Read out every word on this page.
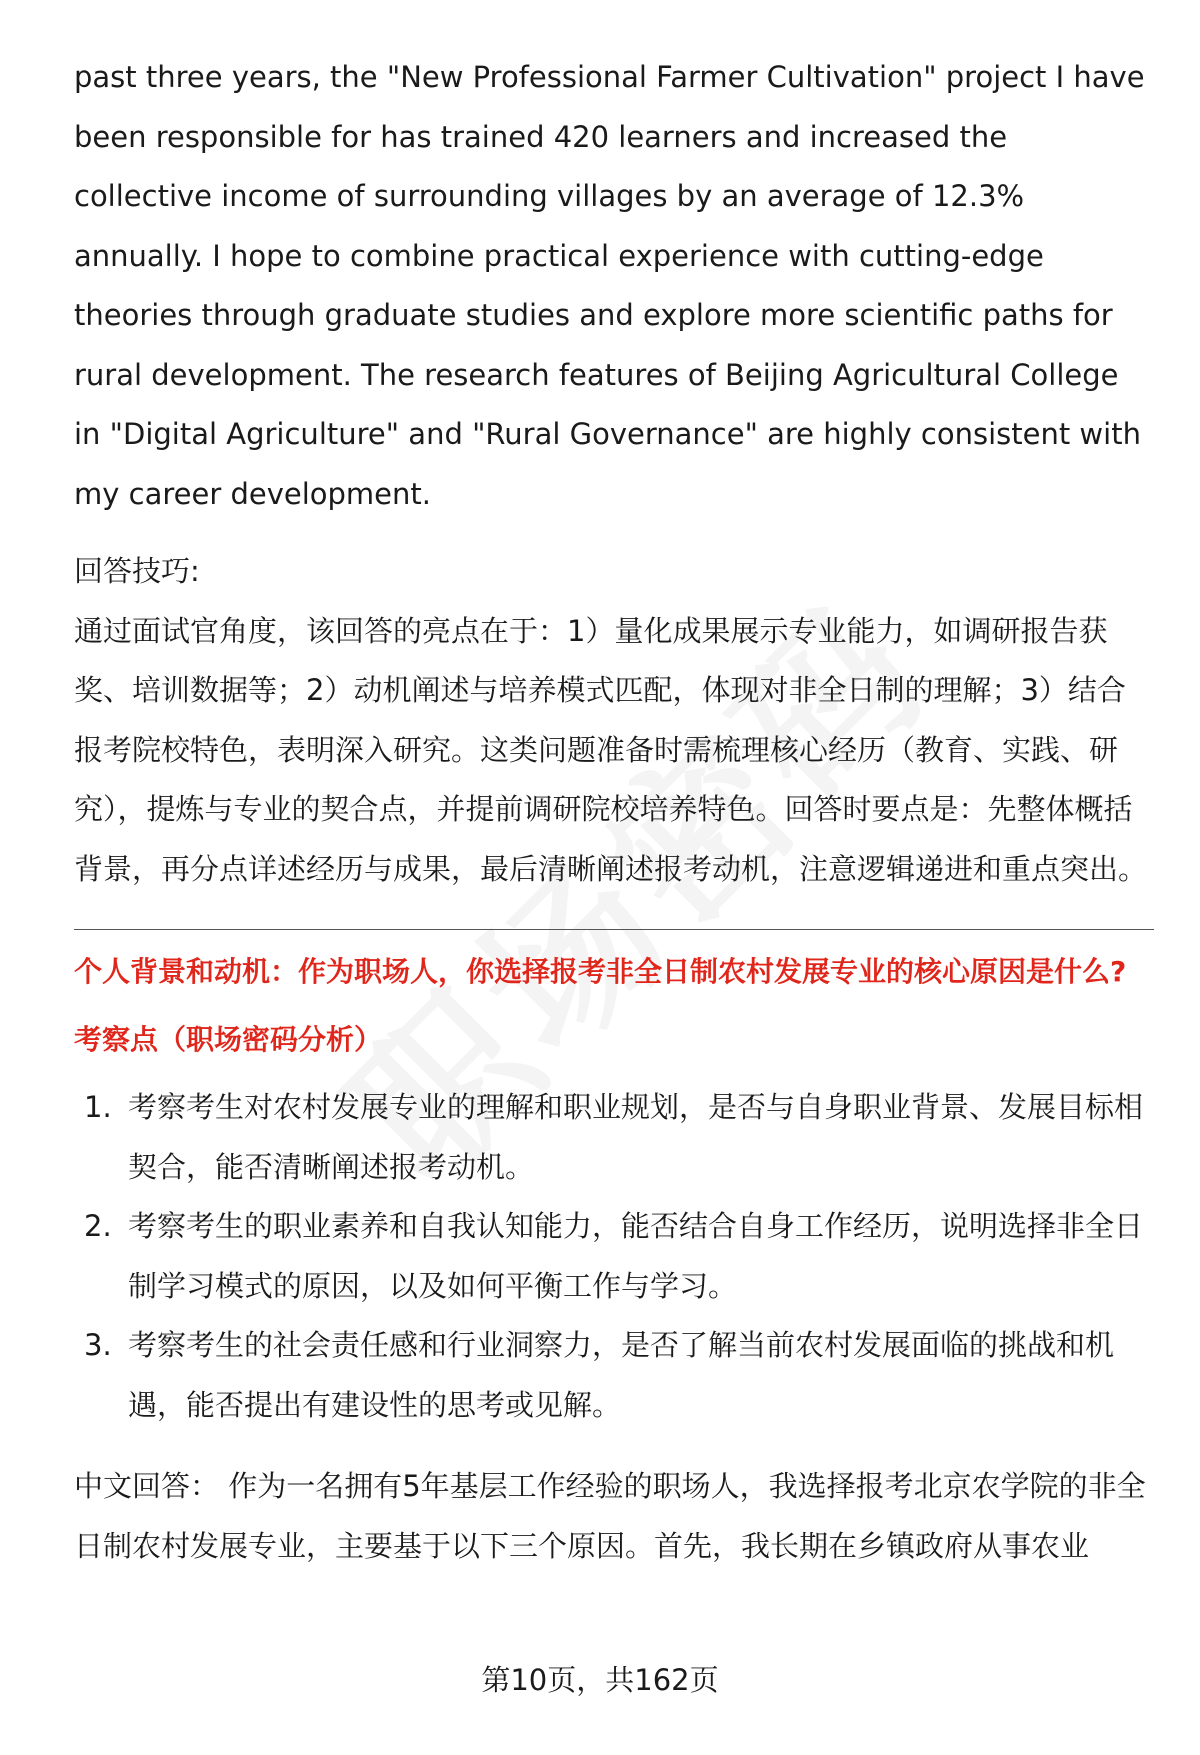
past three years, the "New Professional Farmer Cultivation" project I have been responsible for has trained 420 learners and increased the collective income of surrounding villages by an average of 12.3% annually. I hope to combine practical experience with cutting-edge theories through graduate studies and explore more scientific paths for rural development. The research features of Beijing Agricultural College in "Digital Agriculture" and "Rural Governance" are highly consistent with my career development.

回答技巧:

通过面试官角度，该回答的亮点在于：1）量化成果展示专业能力，如调研报告获奖、培训数据等；2）动机阐述与培养模式匹配，体现对非全日制的理解；3）结合报考院校特色，表明深入研究。这类问题准备时需梳理核心经历（教育、实践、研究），提炼与专业的契合点，并提前调研院校培养特色。回答时要点是：先整体概括背景，再分点详述经历与成果，最后清晰阐述报考动机，注意逻辑递进和重点突出。

个人背景和动机：作为职场人，你选择报考非全日制农村发展专业的核心原因是什么?

考察点（职场密码分析）

1. 考察考生对农村发展专业的理解和职业规划，是否与自身职业背景、发展目标相契合，能否清晰阐述报考动机。
2. 考察考生的职业素养和自我认知能力，能否结合自身工作经历，说明选择非全日制学习模式的原因，以及如何平衡工作与学习。
3. 考察考生的社会责任感和行业洞察力，是否了解当前农村发展面临的挑战和机遇，能否提出有建设性的思考或见解。

中文回答： 作为一名拥有5年基层工作经验的职场人，我选择报考北京农学院的非全日制农村发展专业，主要基于以下三个原因。首先，我长期在乡镇政府从事农业

第10页，共162页
